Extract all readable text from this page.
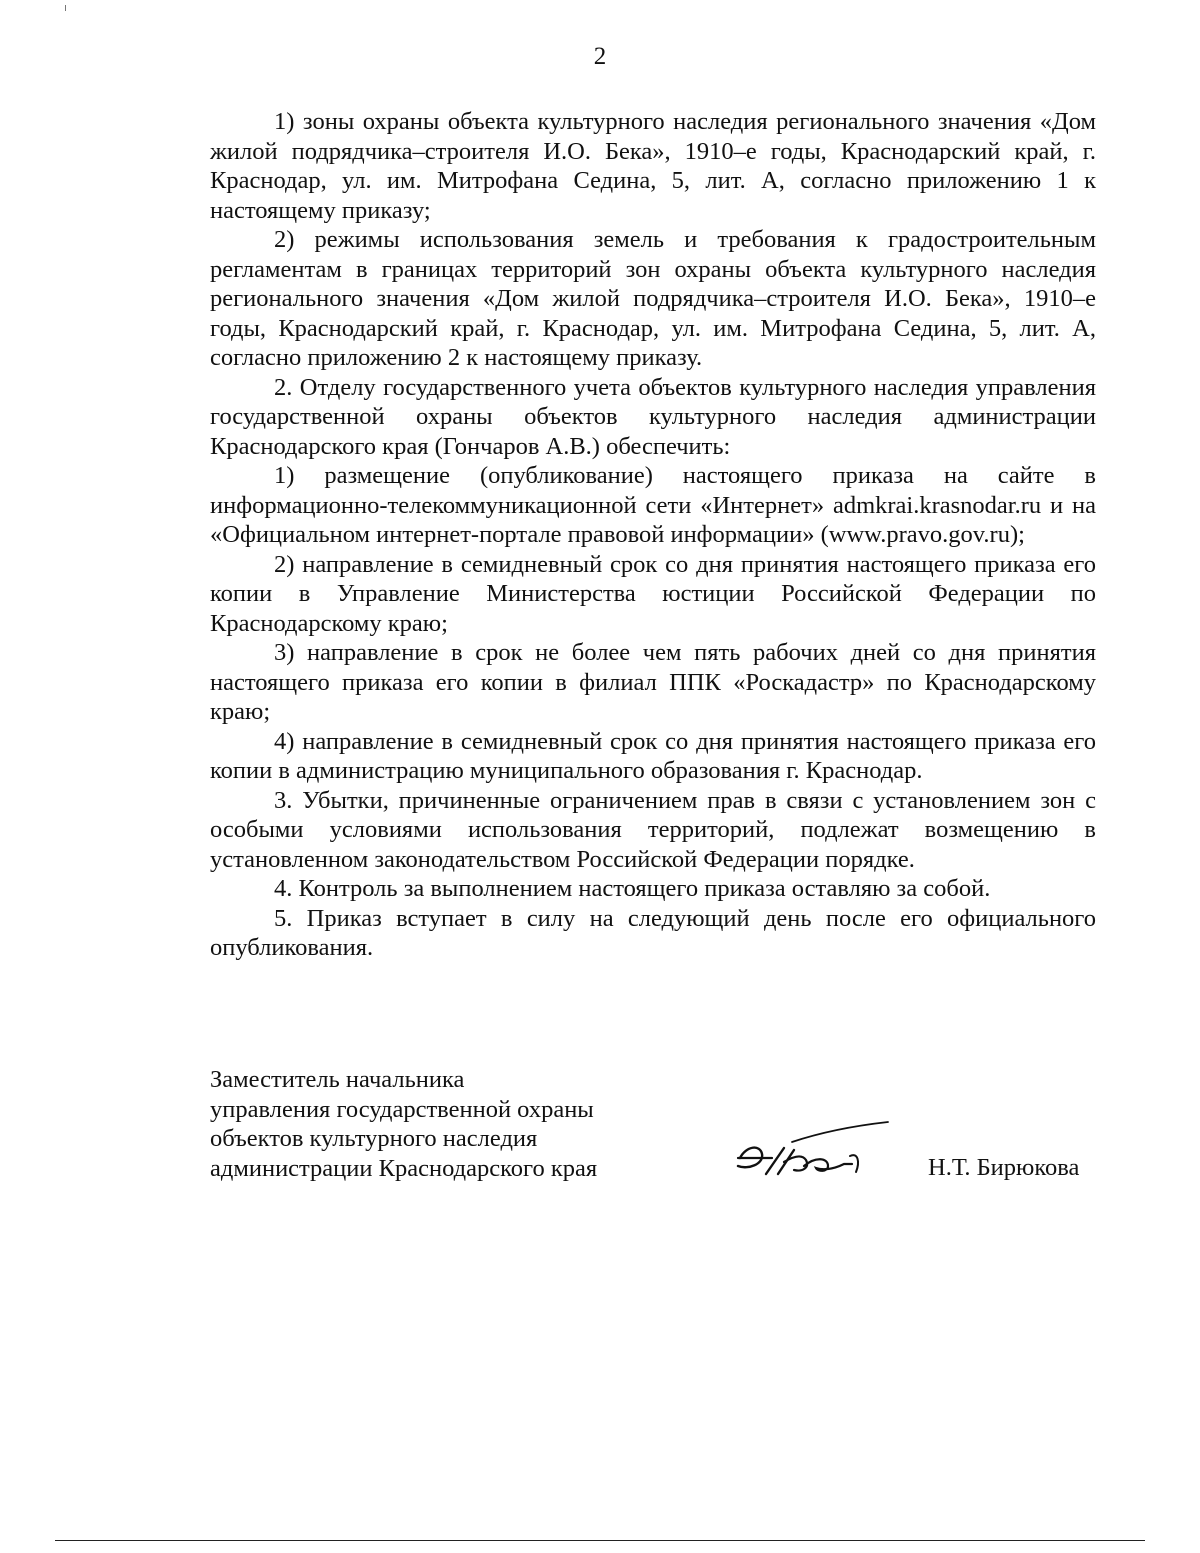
2

1) зоны охраны объекта культурного наследия регионального значения «Дом жилой подрядчика–строителя И.О. Бека», 1910–е годы, Краснодарский край, г. Краснодар, ул. им. Митрофана Седина, 5, лит. А, согласно приложению 1 к настоящему приказу;

2) режимы использования земель и требования к градостроительным регламентам в границах территорий зон охраны объекта культурного наследия регионального значения «Дом жилой подрядчика–строителя И.О. Бека», 1910–е годы, Краснодарский край, г. Краснодар, ул. им. Митрофана Седина, 5, лит. А, согласно приложению 2 к настоящему приказу.

2. Отделу государственного учета объектов культурного наследия управления государственной охраны объектов культурного наследия администрации Краснодарского края (Гончаров А.В.) обеспечить:

1) размещение (опубликование) настоящего приказа на сайте в информационно-телекоммуникационной сети «Интернет» admkrai.krasnodar.ru и на «Официальном интернет-портале правовой информации» (www.pravo.gov.ru);

2) направление в семидневный срок со дня принятия настоящего приказа его копии в Управление Министерства юстиции Российской Федерации по Краснодарскому краю;

3) направление в срок не более чем пять рабочих дней со дня принятия настоящего приказа его копии в филиал ППК «Роскадастр» по Краснодарскому краю;

4) направление в семидневный срок со дня принятия настоящего приказа его копии в администрацию муниципального образования г. Краснодар.

3. Убытки, причиненные ограничением прав в связи с установлением зон с особыми условиями использования территорий, подлежат возмещению в установленном законодательством Российской Федерации порядке.

4. Контроль за выполнением настоящего приказа оставляю за собой.

5. Приказ вступает в силу на следующий день после его официального опубликования.

Заместитель начальника
управления государственной охраны
объектов культурного наследия
администрации Краснодарского края	Н.Т. Бирюкова
